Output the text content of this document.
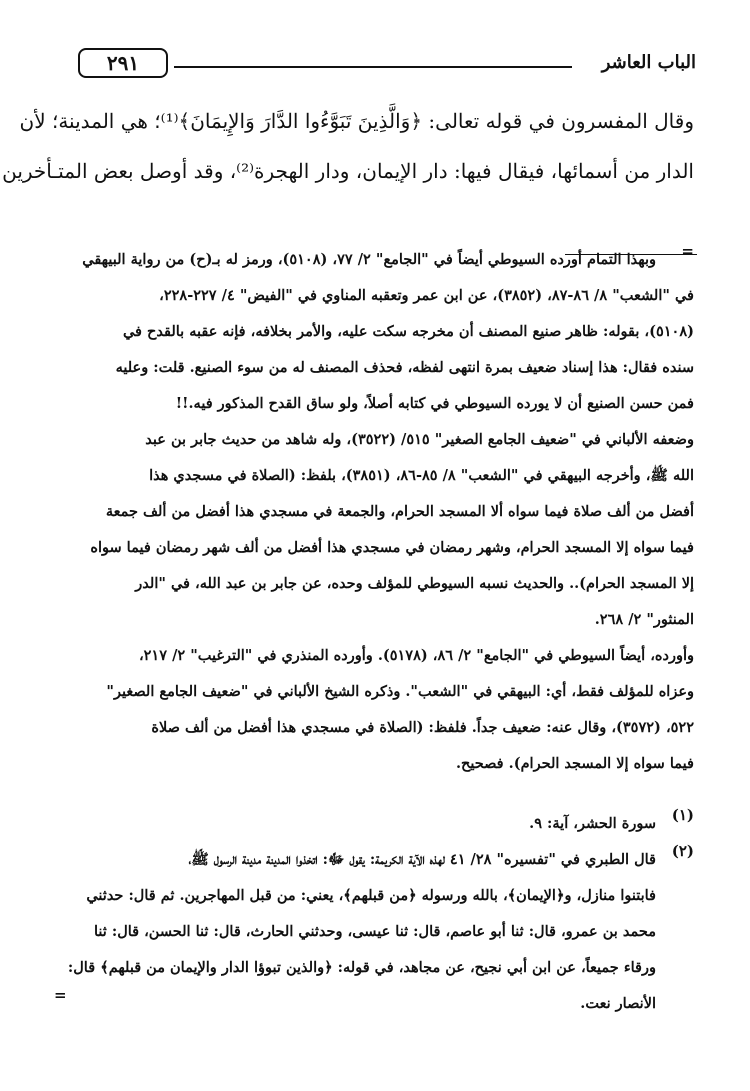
الباب العاشر
٢٩١

وقال المفسرون في قوله تعالى: ﴿وَالَّذِينَ تَبَوَّءُوا الدَّارَ وَالإِيمَانَ﴾⁽¹⁾؛ هي المدينة؛ لأن

الدار من أسمائها، فيقال فيها: دار الإيمان، ودار الهجرة⁽²⁾، وقد أوصل بعض المتـأخرين

=

وبهذا التمام أورده السيوطي أيضاً في "الجامع" ٢/ ٧٧، (٥١٠٨)، ورمز له بـ(ح) من رواية البيهقي

في "الشعب" ٨/ ٨٦-٨٧، (٣٨٥٢)، عن ابن عمر وتعقبه المناوي في "الفيض" ٤/ ٢٢٧-٢٢٨،

(٥١٠٨)، بقوله: ظاهر صنيع المصنف أن مخرجه سكت عليه، والأمر بخلافه، فإنه عقبه بالقدح في

سنده فقال: هذا إسناد ضعيف بمرة انتهى لفظه، فحذف المصنف له من سوء الصنيع. قلت: وعليه

فمن حسن الصنيع أن لا يورده السيوطي في كتابه أصلاً، ولو ساق القدح المذكور فيه.!!

وضعفه الألباني في "ضعيف الجامع الصغير" ٥١٥/ (٣٥٢٢)، وله شاهد من حديث جابر بن عبد

الله ﷺ، وأخرجه البيهقي في "الشعب" ٨/ ٨٥-٨٦، (٣٨٥١)، بلفظ: (الصلاة في مسجدي هذا

أفضل من ألف صلاة فيما سواه ألا المسجد الحرام، والجمعة في مسجدي هذا أفضل من ألف جمعة

فيما سواه إلا المسجد الحرام، وشهر رمضان في مسجدي هذا أفضل من ألف شهر رمضان فيما سواه

إلا المسجد الحرام).. والحديث نسبه السيوطي للمؤلف وحده، عن جابر بن عبد الله، في "الدر

المنثور" ٢/ ٢٦٨.

وأورده، أيضاً السيوطي في "الجامع" ٢/ ٨٦، (٥١٧٨). وأورده المنذري في "الترغيب" ٢/ ٢١٧،

وعزاه للمؤلف فقط، أي: البيهقي في "الشعب". وذكره الشيخ الألباني في "ضعيف الجامع الصغير"

٥٢٢، (٣٥٧٢)، وقال عنه: ضعيف جداً. فلفظ: (الصلاة في مسجدي هذا أفضل من ألف صلاة

فيما سواه إلا المسجد الحرام). فصحيح.

(١)

سورة الحشر، آية: ٩.

(٢)

قال الطبري في "تفسيره" ٢٨/ ٤١ لهذه الآية الكريمة: يقول ﷻ: اتخذوا المدينة مدينة الرسول ﷺ،

فابتنوا منازل، و﴿الإيمان﴾، بالله ورسوله ﴿من قبلهم﴾، يعني: من قبل المهاجرين. ثم قال: حدثني

محمد بن عمرو، قال: ثنا أبو عاصم، قال: ثنا عيسى، وحدثني الحارث، قال: ثنا الحسن، قال: ثنا

ورقاء جميعاً، عن ابن أبي نجيح، عن مجاهد، في قوله: ﴿والذين تبوؤا الدار والإيمان من قبلهم﴾ قال:

الأنصار نعت.

=
